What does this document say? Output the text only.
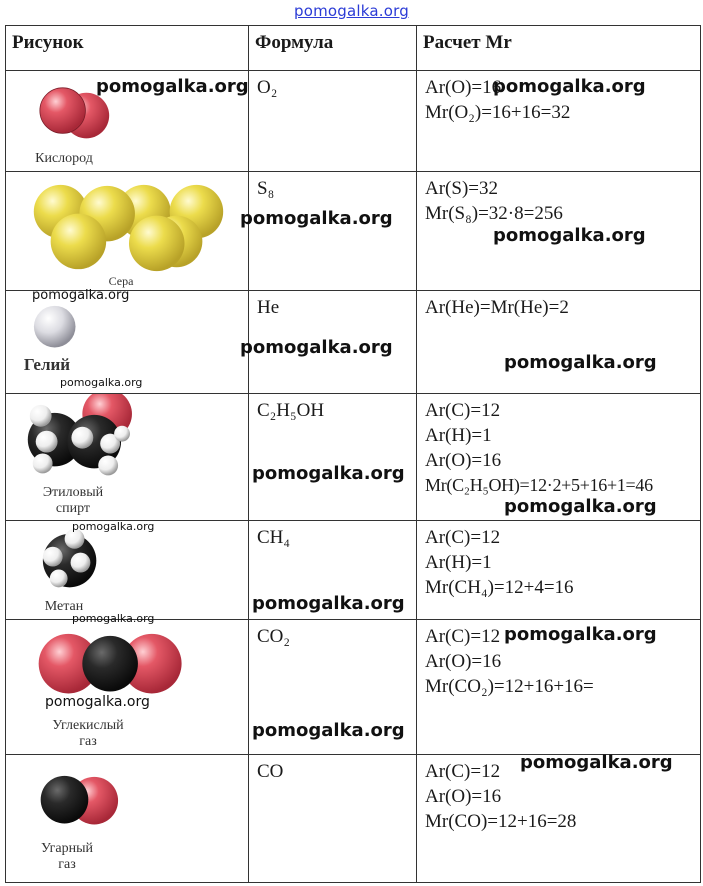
pomogalka.org
Рисунок	Формула	Расчет Mr

Кислород	O₂	Ar(O)=16
Mr(O₂)=16+16=32

Сера	S₈	Ar(S)=32
Mr(S₈)=32·8=256

Гелий	He	Ar(He)=Mr(He)=2

Этиловый спирт	C₂H₅OH	Ar(C)=12
Ar(H)=1
Ar(O)=16
Mr(C₂H₅OH)=12·2+5+16+1=46

Метан	CH₄	Ar(C)=12
Ar(H)=1
Mr(CH₄)=12+4=16

Углекислый газ	CO₂	Ar(C)=12
Ar(O)=16
Mr(CO₂)=12+16+16=

Угарный газ	CO	Ar(C)=12
Ar(O)=16
Mr(CO)=12+16=28
pomogalka.org	pomogalka.org
pomogalka.org
pomogalka.org
pomogalka.org
pomogalka.org
pomogalka.org
pomogalka.org
pomogalka.org
pomogalka.org
pomogalka.org
pomogalka.org
pomogalka.org
pomogalka.org
pomogalka.org
pomogalka.org
pomogalka.org
